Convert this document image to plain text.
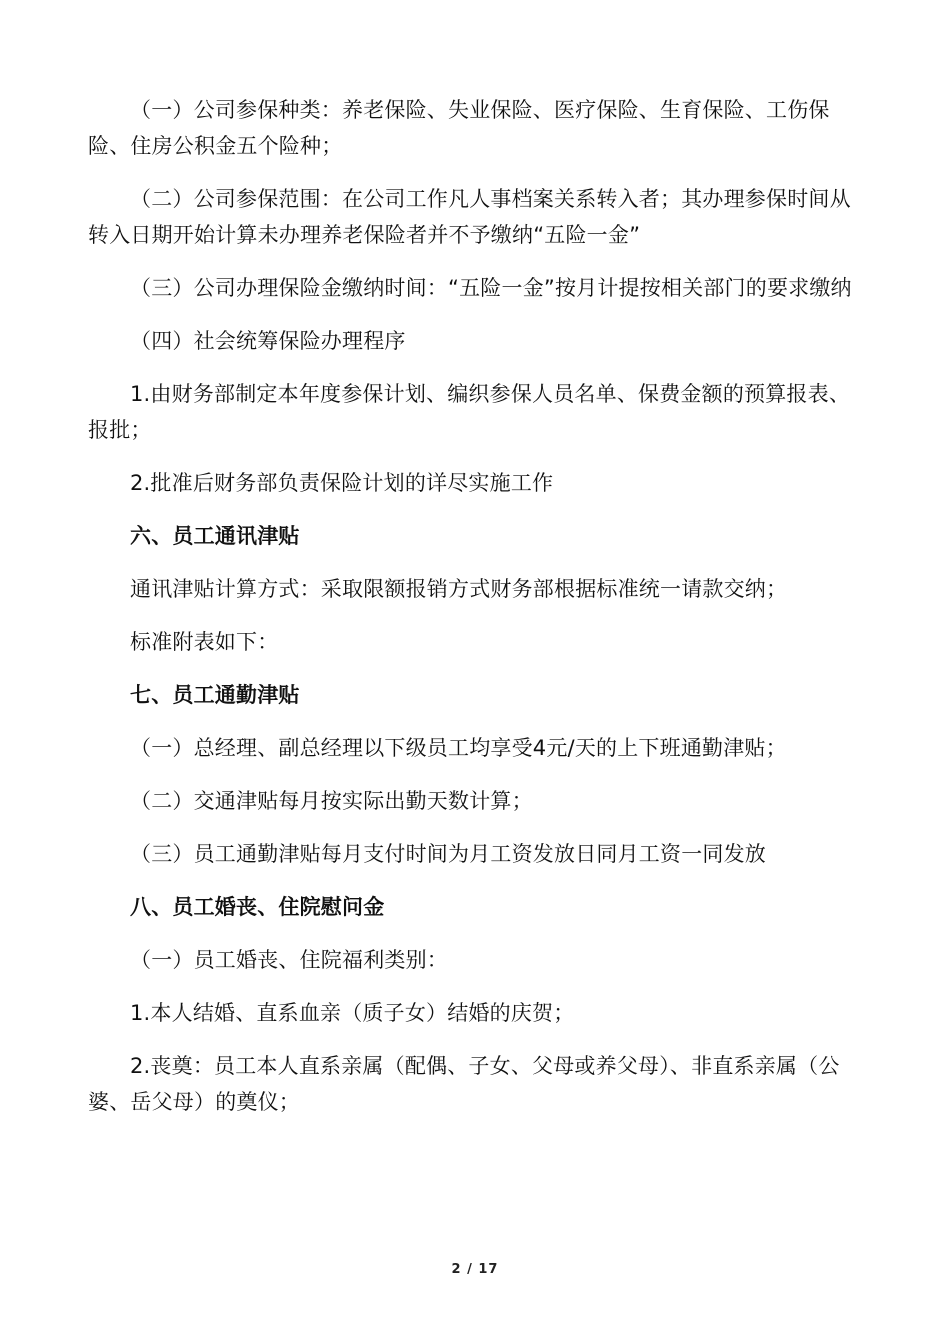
（一）公司参保种类：养老保险、失业保险、医疗保险、生育保险、工伤保险、住房公积金五个险种；

（二）公司参保范围：在公司工作凡人事档案关系转入者；其办理参保时间从转入日期开始计算未办理养老保险者并不予缴纳“五险一金”

（三）公司办理保险金缴纳时间：“五险一金”按月计提按相关部门的要求缴纳

（四）社会统筹保险办理程序

1.由财务部制定本年度参保计划、编织参保人员名单、保费金额的预算报表、报批；

2.批准后财务部负责保险计划的详尽实施工作

六、员工通讯津贴

通讯津贴计算方式：采取限额报销方式财务部根据标准统一请款交纳；

标准附表如下：

七、员工通勤津贴

（一）总经理、副总经理以下级员工均享受4元/天的上下班通勤津贴；

（二）交通津贴每月按实际出勤天数计算；

（三）员工通勤津贴每月支付时间为月工资发放日同月工资一同发放

八、员工婚丧、住院慰问金

（一）员工婚丧、住院福利类别：

1.本人结婚、直系血亲（质子女）结婚的庆贺；

2.丧奠：员工本人直系亲属（配偶、子女、父母或养父母）、非直系亲属（公婆、岳父母）的奠仪；

2 / 17
